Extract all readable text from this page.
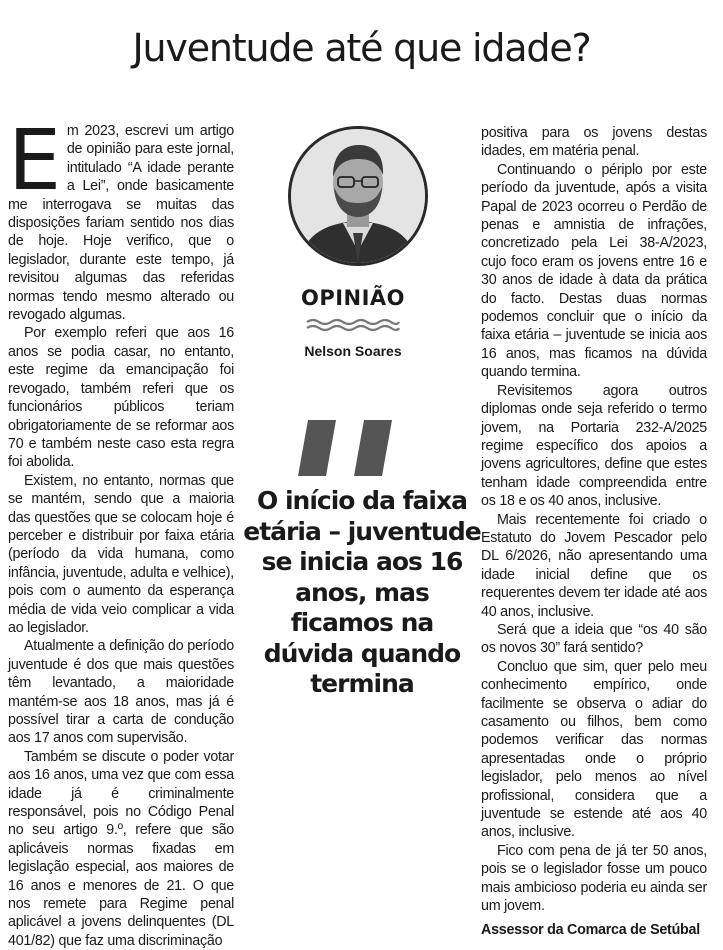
Juventude até que idade?
E m 2023, escrevi um artigo de opinião para este jornal, intitulado “A idade perante a Lei”, onde basicamente me interrogava se muitas das disposições fariam sentido nos dias de hoje. Hoje verifico, que o legislador, durante este tempo, já revisitou algumas das referidas normas tendo mesmo alterado ou revogado algumas.

Por exemplo referi que aos 16 anos se podia casar, no entanto, este regime da emancipação foi revogado, também referi que os funcionários públicos teriam obrigatoriamente de se reformar aos 70 e também neste caso esta regra foi abolida.

Existem, no entanto, normas que se mantém, sendo que a maioria das questões que se colocam hoje é perceber e distribuir por faixa etária (período da vida humana, como infância, juventude, adulta e velhice), pois com o aumento da esperança média de vida veio complicar a vida ao legislador.

Atualmente a definição do período juventude é dos que mais questões têm levantado, a maioridade mantém-se aos 18 anos, mas já é possível tirar a carta de condução aos 17 anos com supervisão.

Também se discute o poder votar aos 16 anos, uma vez que com essa idade já é criminalmente responsável, pois no Código Penal no seu artigo 9.º, refere que são aplicáveis normas fixadas em legislação especial, aos maiores de 16 anos e menores de 21. O que nos remete para Regime penal aplicável a jovens delinquentes (DL 401/82) que faz uma discriminação

OPINIÃO
Nelson Soares
O início da faixa etária – juventude se inicia aos 16 anos, mas ficamos na dúvida quando termina

positiva para os jovens destas idades, em matéria penal.

Continuando o périplo por este período da juventude, após a visita Papal de 2023 ocorreu o Perdão de penas e amnistia de infrações, concretizado pela Lei 38-A/2023, cujo foco eram os jovens entre 16 e 30 anos de idade à data da prática do facto. Destas duas normas podemos concluir que o início da faixa etária – juventude se inicia aos 16 anos, mas ficamos na dúvida quando termina.

Revisitemos agora outros diplomas onde seja referido o termo jovem, na Portaria 232-A/2025 regime específico dos apoios a jovens agricultores, define que estes tenham idade compreendida entre os 18 e os 40 anos, inclusive.

Mais recentemente foi criado o Estatuto do Jovem Pescador pelo DL 6/2026, não apresentando uma idade inicial define que os requerentes devem ter idade até aos 40 anos, inclusive.

Será que a ideia que “os 40 são os novos 30” fará sentido?

Concluo que sim, quer pelo meu conhecimento empírico, onde facilmente se observa o adiar do casamento ou filhos, bem como podemos verificar das normas apresentadas onde o próprio legislador, pelo menos ao nível profissional, considera que a juventude se estende até aos 40 anos, inclusive.

Fico com pena de já ter 50 anos, pois se o legislador fosse um pouco mais ambicioso poderia eu ainda ser um jovem.

Assessor da Comarca de Setúbal
